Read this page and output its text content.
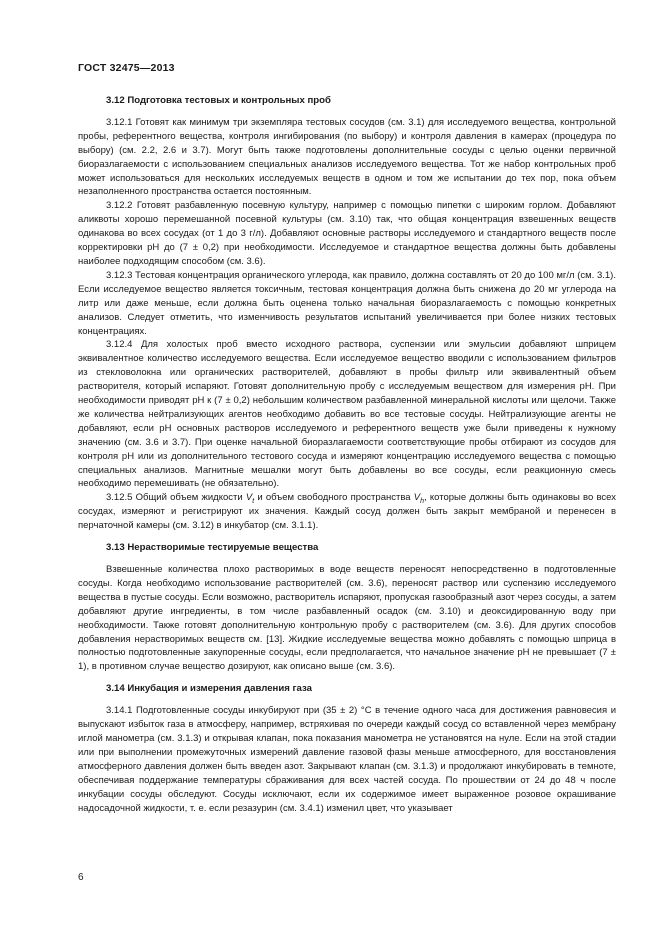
ГОСТ 32475—2013
3.12 Подготовка тестовых и контрольных проб

3.12.1 Готовят как минимум три экземпляра тестовых сосудов (см. 3.1) для исследуемого вещества, контрольной пробы, референтного вещества, контроля ингибирования (по выбору) и контроля давления в камерах (процедура по выбору) (см. 2.2, 2.6 и 3.7). Могут быть также подготовлены дополнительные сосуды с целью оценки первичной биоразлагаемости с использованием специальных анализов исследуемого вещества. Тот же набор контрольных проб может использоваться для нескольких исследуемых веществ в одном и том же испытании до тех пор, пока объем незаполненного пространства остается постоянным.

3.12.2 Готовят разбавленную посевную культуру, например с помощью пипетки с широким горлом. Добавляют аликвоты хорошо перемешанной посевной культуры (см. 3.10) так, что общая концентрация взвешенных веществ одинакова во всех сосудах (от 1 до 3 г/л). Добавляют основные растворы исследуемого и стандартного веществ после корректировки рН до (7 ± 0,2) при необходимости. Исследуемое и стандартное вещества должны быть добавлены наиболее подходящим способом (см. 3.6).

3.12.3 Тестовая концентрация органического углерода, как правило, должна составлять от 20 до 100 мг/л (см. 3.1). Если исследуемое вещество является токсичным, тестовая концентрация должна быть снижена до 20 мг углерода на литр или даже меньше, если должна быть оценена только начальная биоразлагаемость с помощью конкретных анализов. Следует отметить, что изменчивость результатов испытаний увеличивается при более низких тестовых концентрациях.

3.12.4 Для холостых проб вместо исходного раствора, суспензии или эмульсии добавляют шприцем эквивалентное количество исследуемого вещества. Если исследуемое вещество вводили с использованием фильтров из стекловолокна или органических растворителей, добавляют в пробы фильтр или эквивалентный объем растворителя, который испаряют. Готовят дополнительную пробу с исследуемым веществом для измерения рН. При необходимости приводят рН к (7 ± 0,2) небольшим количеством разбавленной минеральной кислоты или щелочи. Также же количества нейтрализующих агентов необходимо добавить во все тестовые сосуды. Нейтрализующие агенты не добавляют, если рН основных растворов исследуемого и референтного веществ уже были приведены к нужному значению (см. 3.6 и 3.7). При оценке начальной биоразлагаемости соответствующие пробы отбирают из сосудов для контроля рН или из дополнительного тестового сосуда и измеряют концентрацию исследуемого вещества с помощью специальных анализов. Магнитные мешалки могут быть добавлены во все сосуды, если реакционную смесь необходимо перемешивать (не обязательно).

3.12.5 Общий объем жидкости $V_t$ и объем свободного пространства $V_h$, которые должны быть одинаковы во всех сосудах, измеряют и регистрируют их значения. Каждый сосуд должен быть закрыт мембраной и перенесен в перчаточной камеры (см. 3.12) в инкубатор (см. 3.1.1).

3.13 Нерастворимые тестируемые вещества

Взвешенные количества плохо растворимых в воде веществ переносят непосредственно в подготовленные сосуды. Когда необходимо использование растворителей (см. 3.6), переносят раствор или суспензию исследуемого вещества в пустые сосуды. Если возможно, растворитель испаряют, пропуская газообразный азот через сосуды, а затем добавляют другие ингредиенты, в том числе разбавленный осадок (см. 3.10) и деоксидированную воду при необходимости. Также готовят дополнительную контрольную пробу с растворителем (см. 3.6). Для других способов добавления нерастворимых веществ см. [13]. Жидкие исследуемые вещества можно добавлять с помощью шприца в полностью подготовленные закупоренные сосуды, если предполагается, что начальное значение рН не превышает (7 ± 1), в противном случае вещество дозируют, как описано выше (см. 3.6).

3.14 Инкубация и измерения давления газа

3.14.1 Подготовленные сосуды инкубируют при (35 ± 2) °С в течение одного часа для достижения равновесия и выпускают избыток газа в атмосферу, например, встряхивая по очереди каждый сосуд со вставленной через мембрану иглой манометра (см. 3.1.3) и открывая клапан, пока показания манометра не установятся на нуле. Если на этой стадии или при выполнении промежуточных измерений давление газовой фазы меньше атмосферного, для восстановления атмосферного давления должен быть введен азот. Закрывают клапан (см. 3.1.3) и продолжают инкубировать в темноте, обеспечивая поддержание температуры сбраживания для всех частей сосуда. По прошествии от 24 до 48 ч после инкубации сосуды обследуют. Сосуды исключают, если их содержимое имеет выраженное розовое окрашивание надосадочной жидкости, т. е. если резазурин (см. 3.4.1) изменил цвет, что указывает

6
